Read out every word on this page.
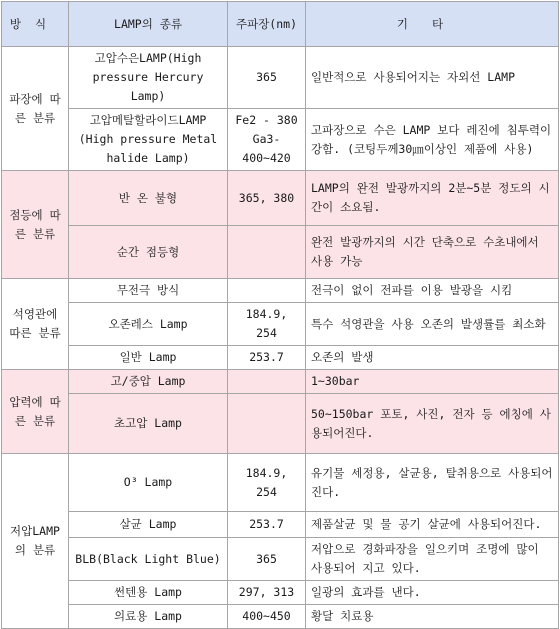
방식	LAMP의 종류	주파장(nm)	기타
파장에 따른 분류	고압수은LAMP(High pressure Hercury Lamp)	365	일반적으로 사용되어지는 자외선 LAMP
	고압메탈할라이드LAMP (High pressure Metal halide Lamp)	Fe2 - 380 Ga3- 400~420	고파장으로 수은 LAMP 보다 레진에 침투력이 강함. (코팅두께30㎛이상인 제품에 사용)
점등에 따른 분류	반 온 불형	365, 380	LAMP의 완전 발광까지의 2분~5분 정도의 시간이 소요됨.
	순간 점등형		완전 발광까지의 시간 단축으로 수초내에서 사용 가능
석영관에 따른 분류	무전극 방식		전극이 없이 전파를 이용 발광을 시킴
	오존레스 Lamp	184.9, 254	특수 석영관을 사용 오존의 발생률를 최소화
	일반 Lamp	253.7	오존의 발생
압력에 따른 분류	고/중압 Lamp		1~30bar
	초고압 Lamp		50~150bar 포토, 사진, 전자 등 에칭에 사용되어진다.
저압LAMP의 분류	O³ Lamp	184.9, 254	유기물 세정용, 살균용, 탈취용으로 사용되어진다.
	살균 Lamp	253.7	제품살균 및 물 공기 살균에 사용되어진다.
	BLB(Black Light Blue)	365	저압으로 경화파장을 일으키며 조명에 많이 사용되어 지고 있다.
	썬텐용 Lamp	297, 313	일광의 효과를 낸다.
	의료용 Lamp	400~450	황달 치료용
